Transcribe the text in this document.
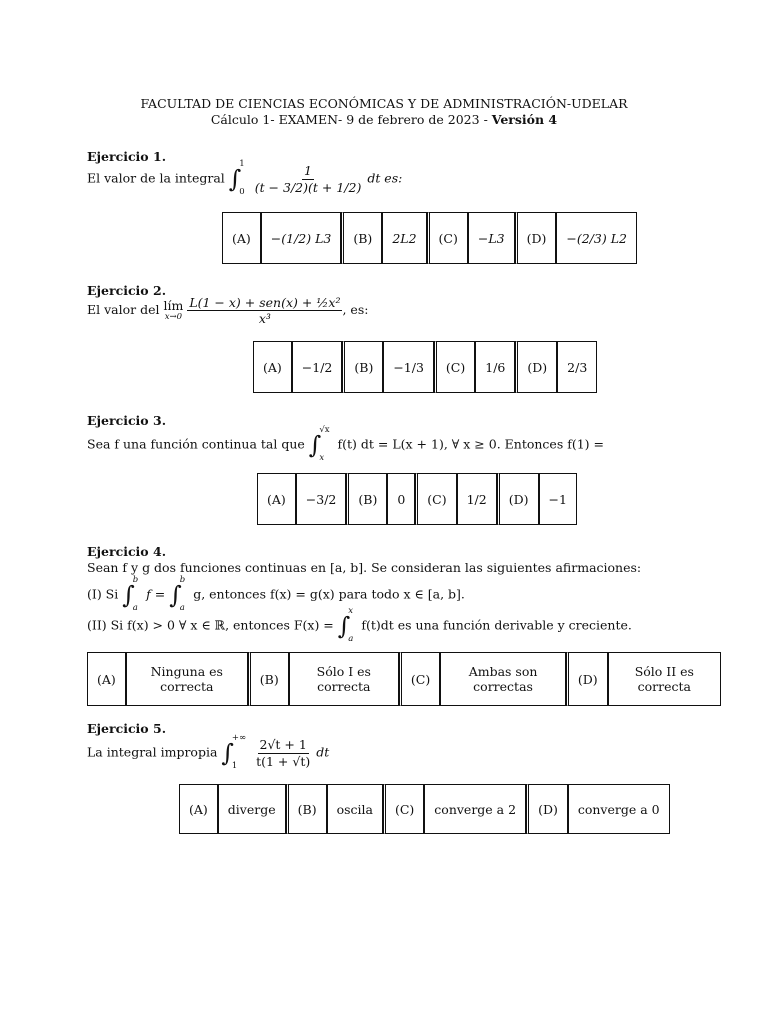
FACULTAD DE CIENCIAS ECONÓMICAS Y DE ADMINISTRACIÓN-UDELAR
Cálculo 1- EXAMEN- 9 de febrero de 2023 - Versión 4
Ejercicio 1.
El valor de la integral ∫
1
0
$\frac{1}{(t - 3/2)(t + 1/2)}$ dt es:
(A)	−(1/2) L3	(B)	2L2	(C)	−L3	(D)	−(2/3) L2
Ejercicio 2.
El valor del lím
x→0
$\frac{\text{L(1 − x) + sen(x) + ½x²}}{\text{x³}}$ , es:
(A)	−1/2	(B)	−1/3	(C)	1/6	(D)	2/3
Ejercicio 3.
Sea f una función continua tal que ∫
√x
x
f(t) dt = L(x + 1), ∀ x ≥ 0. Entonces f(1) =
(A)	−3/2	(B)	0	(C)	1/2	(D)	−1
Ejercicio 4.
Sean f y g dos funciones continuas en [a, b]. Se consideran las siguientes afirmaciones:
(I) Si ∫
b
a
f = ∫
b
a
g, entonces f(x) = g(x) para todo x ∈ [a, b].
(II) Si f(x) > 0 ∀ x ∈ ℝ, entonces F(x) = ∫
x
a
f(t)dt es una función derivable y creciente.
(A)	Ninguna es correcta	(B)	Sólo I es correcta	(C)	Ambas son correctas	(D)	Sólo II es correcta
Ejercicio 5.
La integral impropia ∫
+∞
1
	$\frac{2√t + 1}{t(1 + √t)}$ dt
(A)	diverge	(B)	oscila	(C)	converge a 2	(D)	converge a 0
